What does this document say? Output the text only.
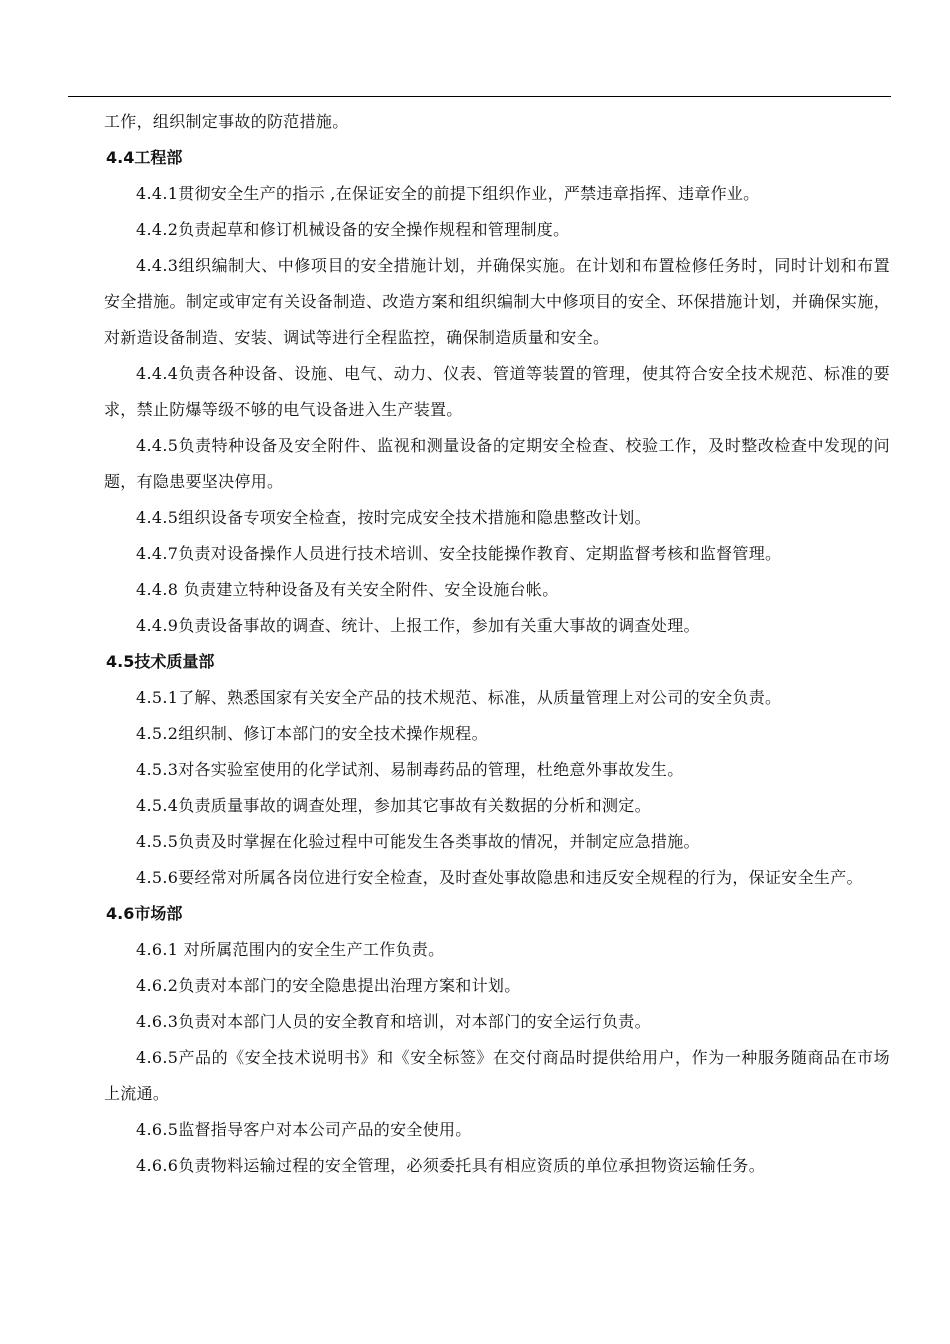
工作，组织制定事故的防范措施。

4.4工程部

4.4.1贯彻安全生产的指示 ,在保证安全的前提下组织作业，严禁违章指挥、违章作业。

4.4.2负责起草和修订机械设备的安全操作规程和管理制度。

4.4.3组织编制大、中修项目的安全措施计划，并确保实施。在计划和布置检修任务时，同时计划和布置安全措施。制定或审定有关设备制造、改造方案和组织编制大中修项目的安全、环保措施计划，并确保实施，对新造设备制造、安装、调试等进行全程监控，确保制造质量和安全。

4.4.4负责各种设备、设施、电气、动力、仪表、管道等装置的管理，使其符合安全技术规范、标准的要求，禁止防爆等级不够的电气设备进入生产装置。

4.4.5负责特种设备及安全附件、监视和测量设备的定期安全检查、校验工作，及时整改检查中发现的问题，有隐患要坚决停用。

4.4.5组织设备专项安全检查，按时完成安全技术措施和隐患整改计划。

4.4.7负责对设备操作人员进行技术培训、安全技能操作教育、定期监督考核和监督管理。

4.4.8 负责建立特种设备及有关安全附件、安全设施台帐。

4.4.9负责设备事故的调查、统计、上报工作，参加有关重大事故的调查处理。

4.5技术质量部

4.5.1了解、熟悉国家有关安全产品的技术规范、标准，从质量管理上对公司的安全负责。

4.5.2组织制、修订本部门的安全技术操作规程。

4.5.3对各实验室使用的化学试剂、易制毒药品的管理，杜绝意外事故发生。

4.5.4负责质量事故的调查处理，参加其它事故有关数据的分析和测定。

4.5.5负责及时掌握在化验过程中可能发生各类事故的情况，并制定应急措施。

4.5.6要经常对所属各岗位进行安全检查，及时查处事故隐患和违反安全规程的行为，保证安全生产。

4.6市场部

4.6.1 对所属范围内的安全生产工作负责。

4.6.2负责对本部门的安全隐患提出治理方案和计划。

4.6.3负责对本部门人员的安全教育和培训，对本部门的安全运行负责。

4.6.5产品的《安全技术说明书》和《安全标签》在交付商品时提供给用户，作为一种服务随商品在市场上流通。

4.6.5监督指导客户对本公司产品的安全使用。

4.6.6负责物料运输过程的安全管理，必须委托具有相应资质的单位承担物资运输任务。
